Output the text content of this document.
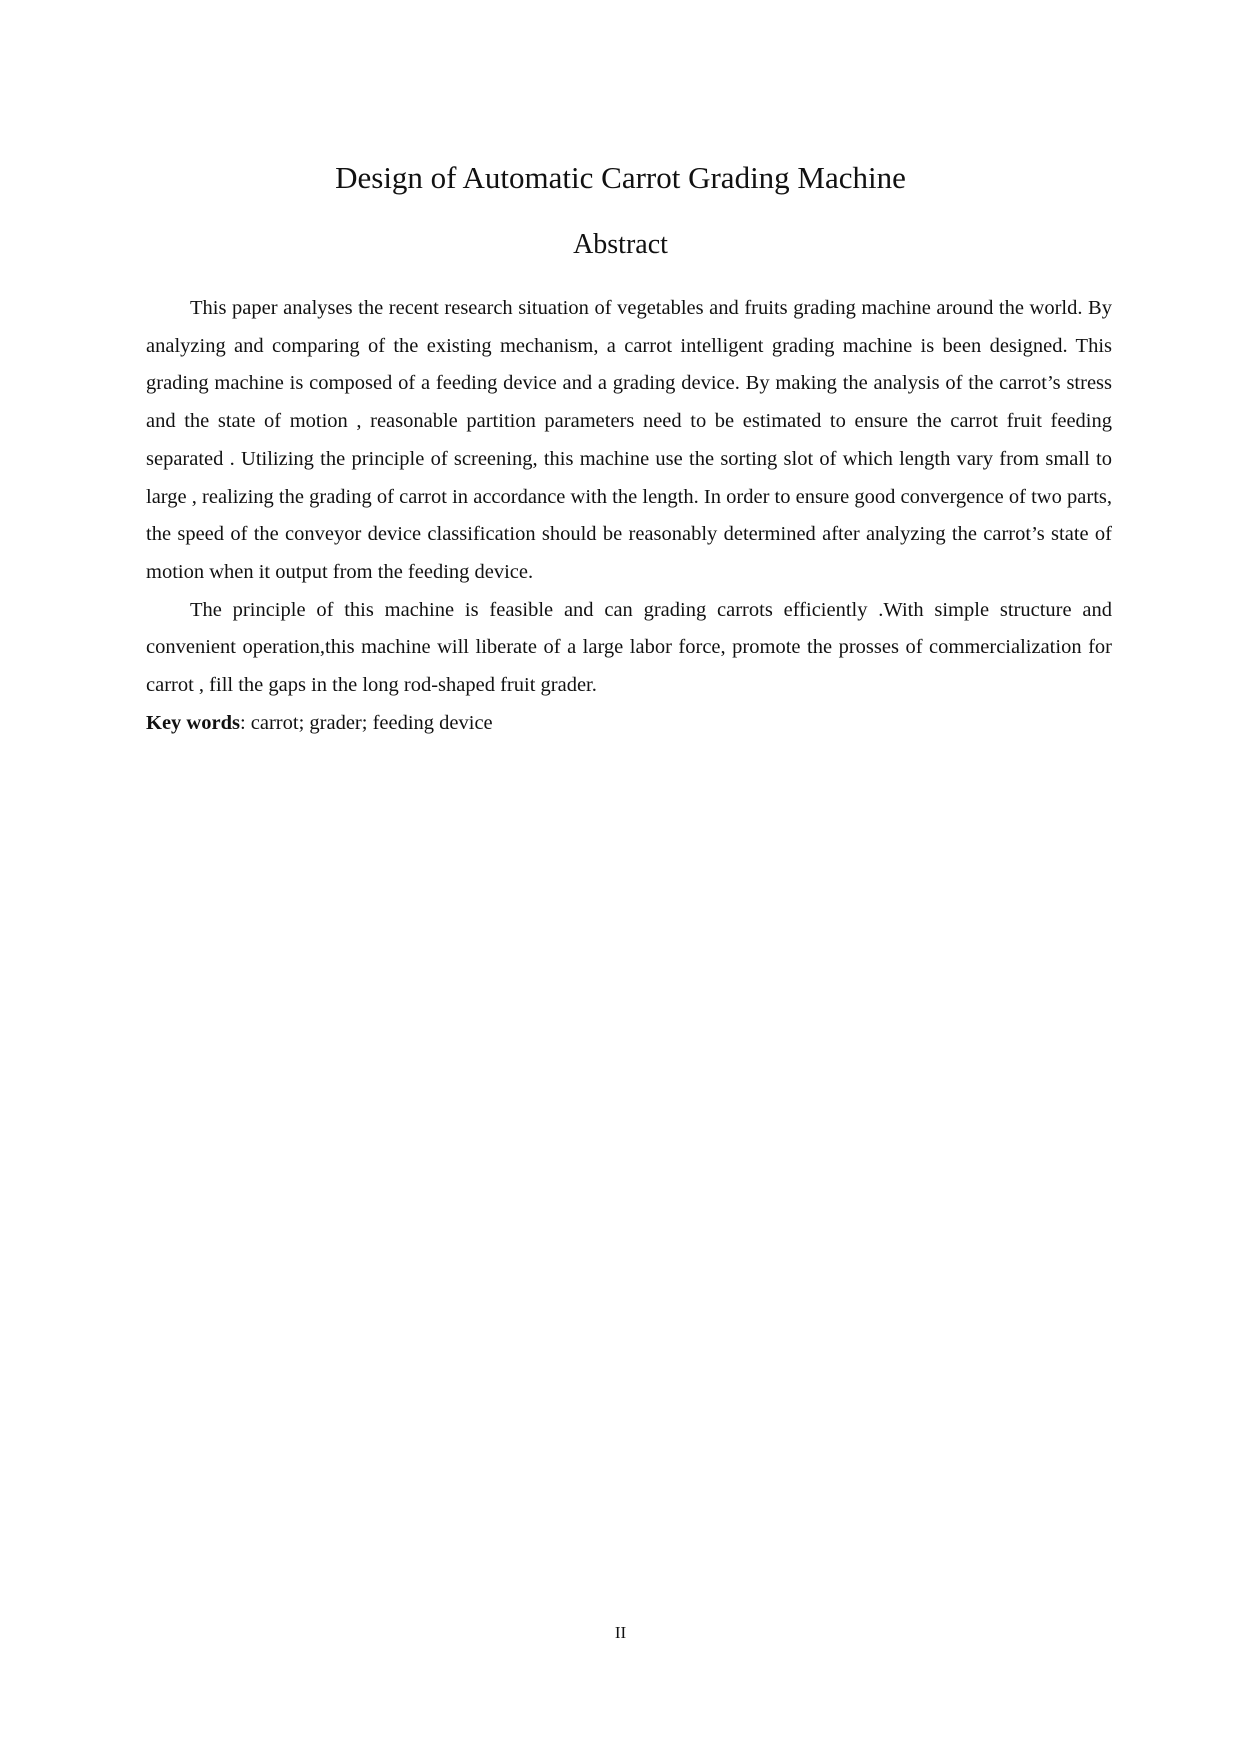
Design of Automatic Carrot Grading Machine
Abstract

This paper analyses the recent research situation of vegetables and fruits grading machine around the world. By analyzing and comparing of the existing mechanism, a carrot intelligent grading machine is been designed. This grading machine is composed of a feeding device and a grading device. By making the analysis of the carrot’s stress and the state of motion , reasonable partition parameters need to be estimated to ensure the carrot fruit feeding separated . Utilizing the principle of screening, this machine use the sorting slot of which length vary from small to large , realizing the grading of carrot in accordance with the length. In order to ensure good convergence of two parts, the speed of the conveyor device classification should be reasonably determined after analyzing the carrot’s state of motion when it output from the feeding device.

The principle of this machine is feasible and can grading carrots efficiently .With simple structure and convenient operation,this machine will liberate of a large labor force, promote the prosses of commercialization for carrot , fill the gaps in the long rod-shaped fruit grader.

Key words: carrot; grader; feeding device

II
